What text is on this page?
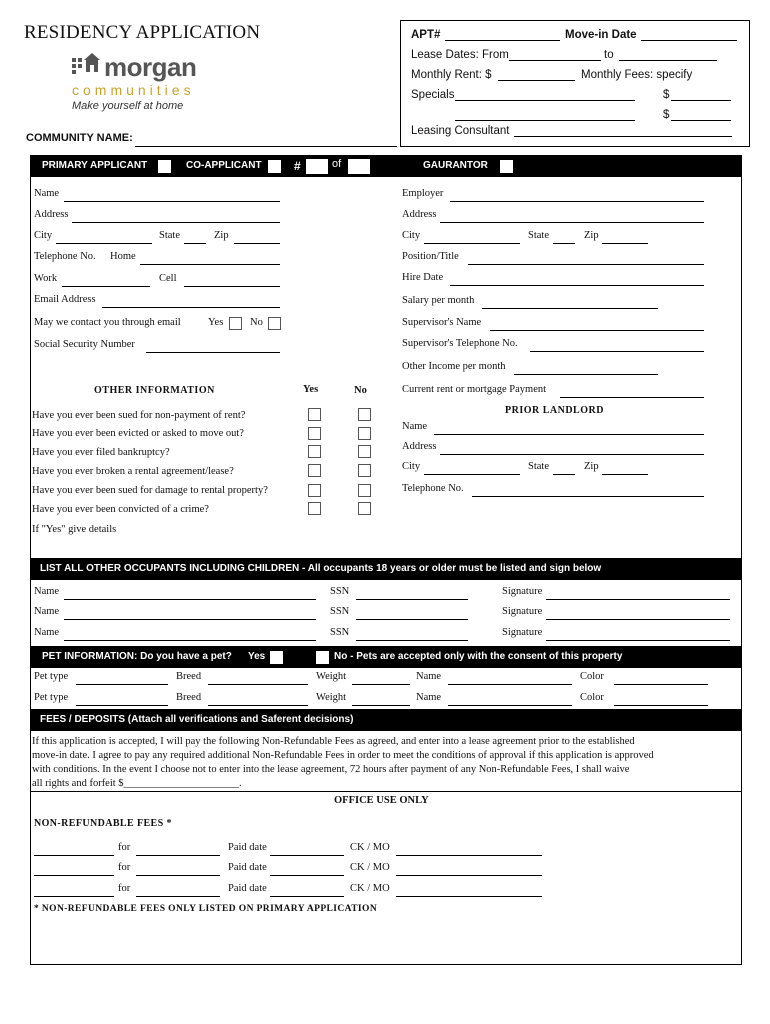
RESIDENCY APPLICATION
morgan
communities
Make yourself at home
COMMUNITY NAME:
APT#	Move-in Date
Lease Dates: From	to
Monthly Rent: $	Monthly Fees: specify
Specials	$
$
Leasing Consultant
PRIMARY APPLICANT	CO-APPLICANT	#	of	GAURANTOR
Name
Address
City	State	Zip
Telephone No. Home
Work	Cell
Email Address
May we contact you through email	Yes	No
Social Security Number
Employer
Address
City	State	Zip
Position/Title
Hire Date
Salary per month
Supervisor's Name
Supervisor's Telephone No.
Other Income per month
Current rent or mortgage Payment
OTHER INFORMATION	Yes	No
Have you ever been sued for non-payment of rent?
Have you ever been evicted or asked to move out?
Have you ever filed bankruptcy?
Have you ever broken a rental agreement/lease?
Have you ever been sued for damage to rental property?
Have you ever been convicted of a crime?
If "Yes" give details
PRIOR LANDLORD
Name
Address
City	State	Zip
Telephone No.
LIST ALL OTHER OCCUPANTS INCLUDING CHILDREN - All occupants 18 years or older must be listed and sign below
Name	SSN	Signature
Name	SSN	Signature
Name	SSN	Signature
PET INFORMATION: Do you have a pet? Yes	No - Pets are accepted only with the consent of this property
Pet type	Breed	Weight	Name	Color
Pet type	Breed	Weight	Name	Color
FEES / DEPOSITS (Attach all verifications and Saferent decisions)
If this application is accepted, I will pay the following Non-Refundable Fees as agreed, and enter into a lease agreement prior to the established
move-in date. I agree to pay any required additional Non-Refundable Fees in order to meet the conditions of approval if this application is approved
with conditions. In the event I choose not to enter into the lease agreement, 72 hours after payment of any Non-Refundable Fees, I shall waive
all rights and forfeit $______________________.
OFFICE USE ONLY
NON-REFUNDABLE FEES *
for	Paid date	CK / MO
for	Paid date	CK / MO
for	Paid date	CK / MO
* NON-REFUNDABLE FEES ONLY LISTED ON PRIMARY APPLICATION
